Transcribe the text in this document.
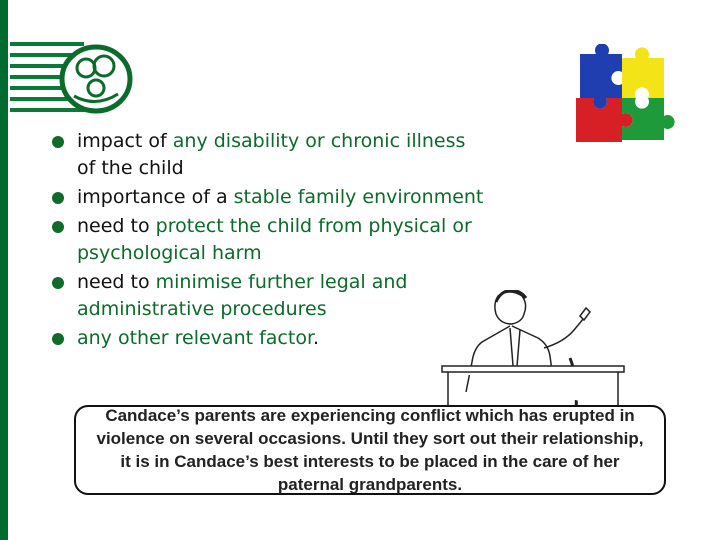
impact of any disability or chronic illness
of the child
importance of a stable family environment
need to protect the child from physical or
psychological harm
need to minimise further legal and
administrative procedures
any other relevant factor.
Candace’s parents are experiencing conflict which has erupted in violence on several occasions. Until they sort out their relationship, it is in Candace’s best interests to be placed in the care of her paternal grandparents.
